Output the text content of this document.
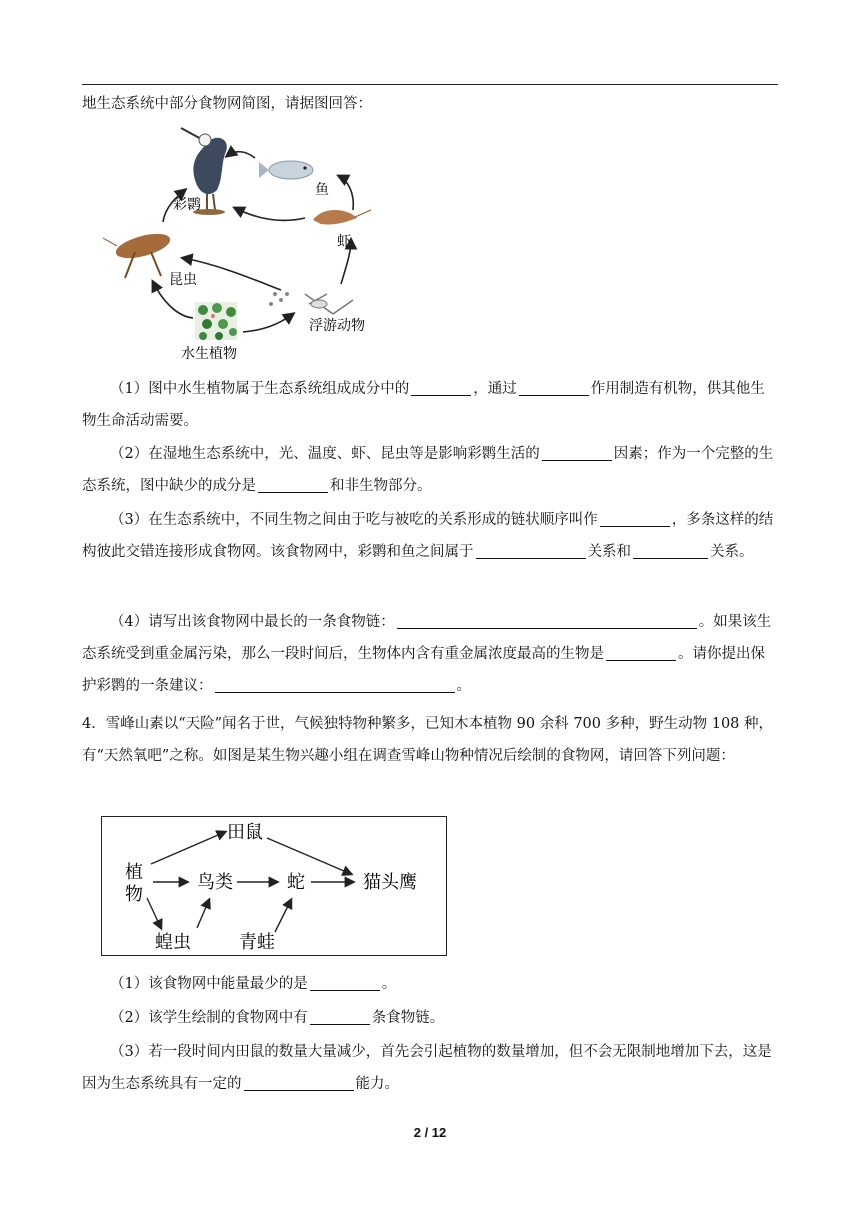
地生态系统中部分食物网简图，请据图回答：

彩鹮
鱼
虾
昆虫
浮游动物
水生植物

（1）图中水生植物属于生态系统组成成分中的	，通过	作用制造有机物，供其他生物生命活动需要。

（2）在湿地生态系统中，光、温度、虾、昆虫等是影响彩鹮生活的	因素；作为一个完整的生态系统，图中缺少的成分是	和非生物部分。

（3）在生态系统中，不同生物之间由于吃与被吃的关系形成的链状顺序叫作	，多条这样的结构彼此交错连接形成食物网。该食物网中，彩鹮和鱼之间属于	关系和	关系。

（4）请写出该食物网中最长的一条食物链：	。如果该生态系统受到重金属污染，那么一段时间后，生物体内含有重金属浓度最高的生物是	。请你提出保护彩鹮的一条建议：	。

4．雪峰山素以“天险”闻名于世，气候独特物种繁多，已知木本植物 90 余科 700 多种，野生动物 108 种，有“天然氧吧”之称。如图是某生物兴趣小组在调查雪峰山物种情况后绘制的食物网，请回答下列问题：

田鼠
植
物
鸟类	蛇	猫头鹰
蝗虫	青蛙

（1）该食物网中能量最少的是	。

（2）该学生绘制的食物网中有	条食物链。

（3）若一段时间内田鼠的数量大量减少，首先会引起植物的数量增加，但不会无限制地增加下去，这是因为生态系统具有一定的	能力。

2 / 12
